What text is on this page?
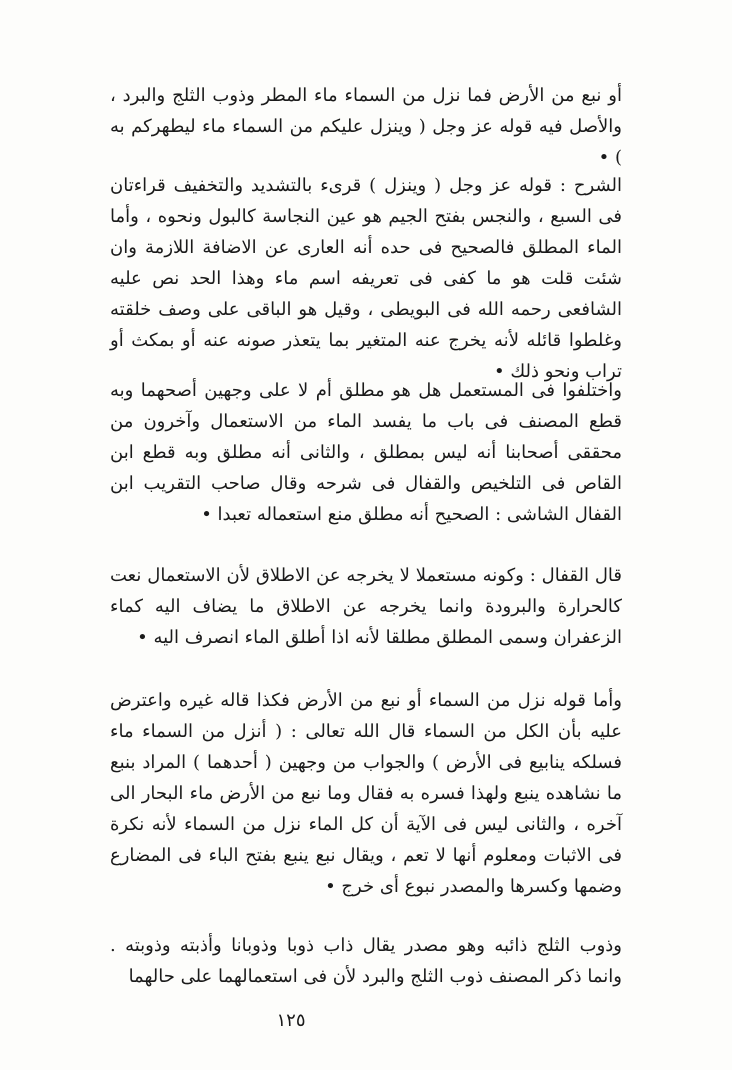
أو نبع من الأرض فما نزل من السماء ماء المطر وذوب الثلج والبرد ، والأصل فيه قوله عز وجل ( وينزل عليكم من السماء ماء ليطهركم به ) •

الشرح : قوله عز وجل ( وينزل ) قرىء بالتشديد والتخفيف قراءتان فى السبع ، والنجس بفتح الجيم هو عين النجاسة كالبول ونحوه ، وأما الماء المطلق فالصحيح فى حده أنه العارى عن الاضافة اللازمة وان شئت قلت هو ما كفى فى تعريفه اسم ماء وهذا الحد نص عليه الشافعى رحمه الله فى البويطى ، وقيل هو الباقى على وصف خلقته وغلطوا قائله لأنه يخرج عنه المتغير بما يتعذر صونه عنه أو بمكث أو تراب ونحو ذلك •

واختلفوا فى المستعمل هل هو مطلق أم لا على وجهين أصحهما وبه قطع المصنف فى باب ما يفسد الماء من الاستعمال وآخرون من محققى أصحابنا أنه ليس بمطلق ، والثانى أنه مطلق وبه قطع ابن القاص فى التلخيص والقفال فى شرحه وقال صاحب التقريب ابن القفال الشاشى : الصحيح أنه مطلق منع استعماله تعبدا •

قال القفال : وكونه مستعملا لا يخرجه عن الاطلاق لأن الاستعمال نعت كالحرارة والبرودة وانما يخرجه عن الاطلاق ما يضاف اليه كماء الزعفران وسمى المطلق مطلقا لأنه اذا أطلق الماء انصرف اليه •

وأما قوله نزل من السماء أو نبع من الأرض فكذا قاله غيره واعترض عليه بأن الكل من السماء قال الله تعالى : ( أنزل من السماء ماء فسلكه ينابيع فى الأرض ) والجواب من وجهين ( أحدهما ) المراد بنبع ما نشاهده ينبع ولهذا فسره به فقال وما نبع من الأرض ماء البحار الى آخره ، والثانى ليس فى الآية أن كل الماء نزل من السماء لأنه نكرة فى الاثبات ومعلوم أنها لا تعم ، ويقال نبع ينبع بفتح الباء فى المضارع وضمها وكسرها والمصدر نبوع أى خرج •

وذوب الثلج ذائبه وهو مصدر يقال ذاب ذوبا وذوبانا وأذبته وذوبته . وانما ذكر المصنف ذوب الثلج والبرد لأن فى استعمالهما على حالهما

١٢٥
